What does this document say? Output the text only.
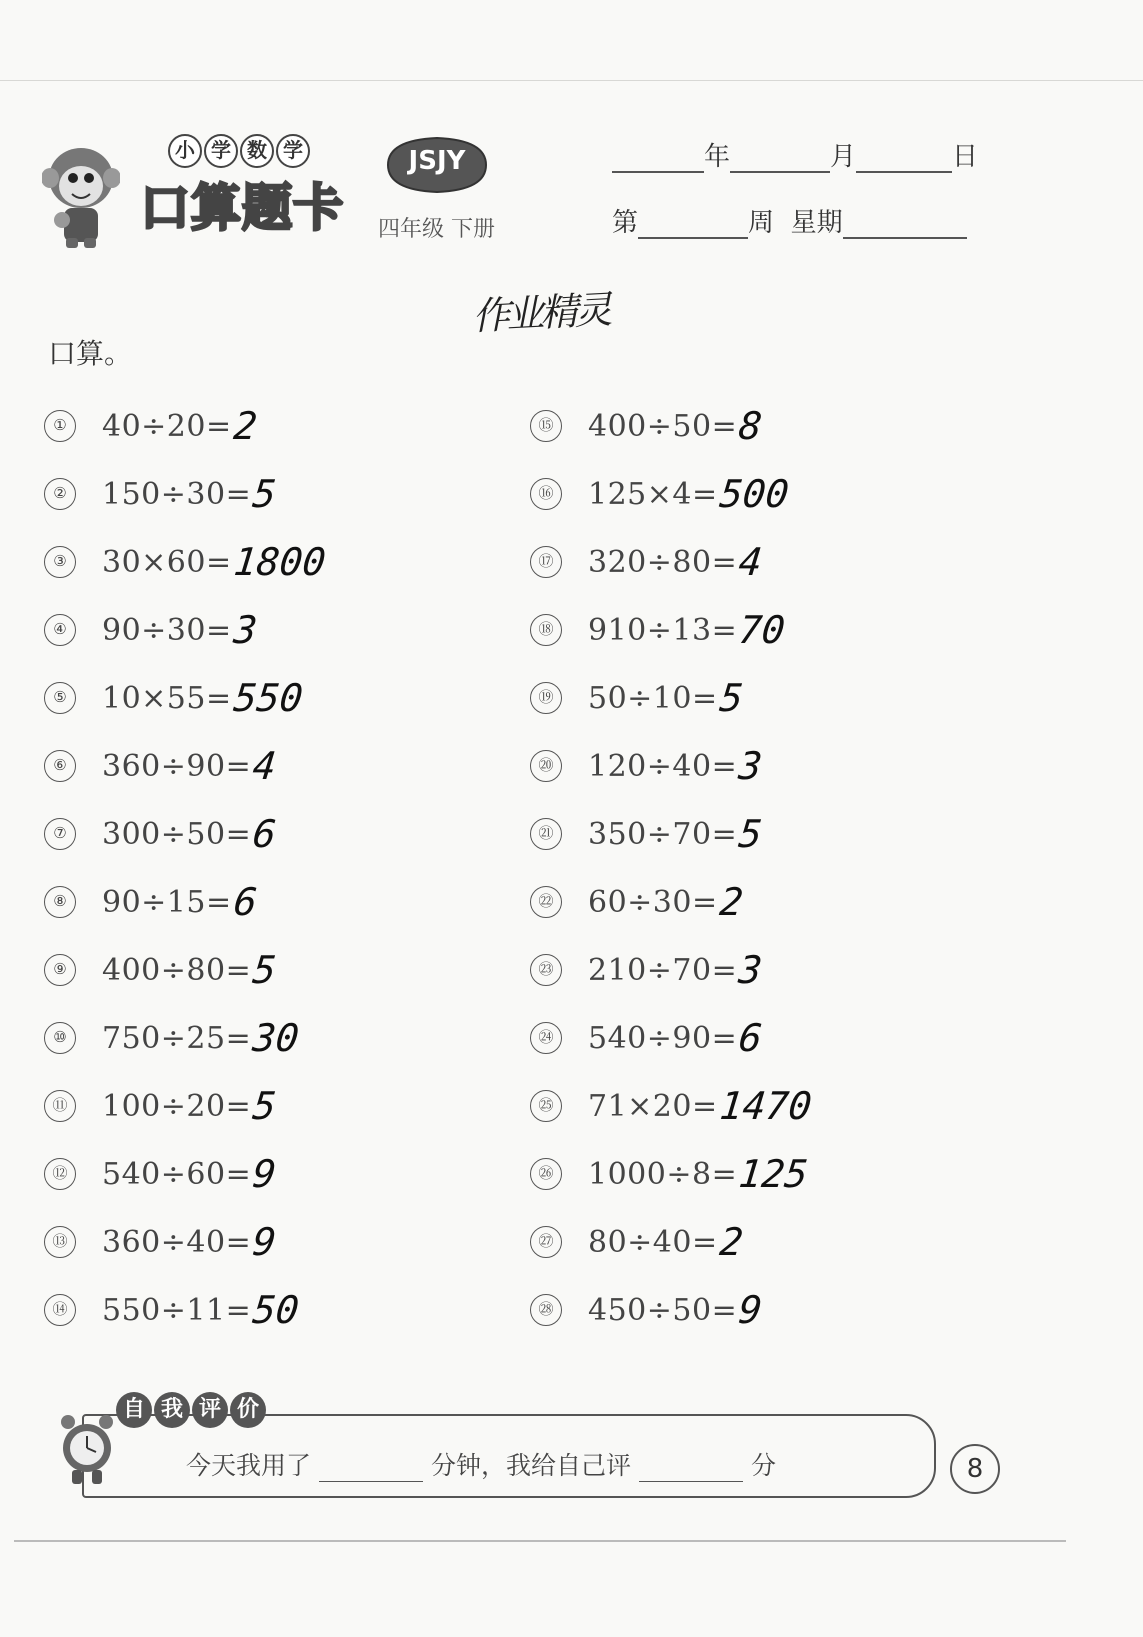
小 学 数 学
口算题卡
JSJY
四年级 下册
年	月	日
第	周 星期
作业精灵
口算。
①	40÷20= 2
②	150÷30= 5
③	30×60= 1800
④	90÷30= 3
⑤	10×55= 550
⑥	360÷90= 4
⑦	300÷50= 6
⑧	90÷15= 6
⑨	400÷80= 5
⑩	750÷25= 30
⑪ 100÷20= 5
⑫ 540÷60= 9
⑬ 360÷40= 9
⑭ 550÷11= 50
⑮ 400÷50= 8
⑯ 125×4= 500
⑰ 320÷80= 4
⑱ 910÷13= 70
⑲ 50÷10= 5
⑳ 120÷40= 3
㉑ 350÷70= 5
㉒ 60÷30= 2
㉓ 210÷70= 3
㉔ 540÷90= 6
㉕ 71×20= 1470
㉖ 1000÷8= 125
㉗ 80÷40= 2
㉘ 450÷50= 9
自 我 评 价
今天我用了	分钟，我给自己评	分	8
